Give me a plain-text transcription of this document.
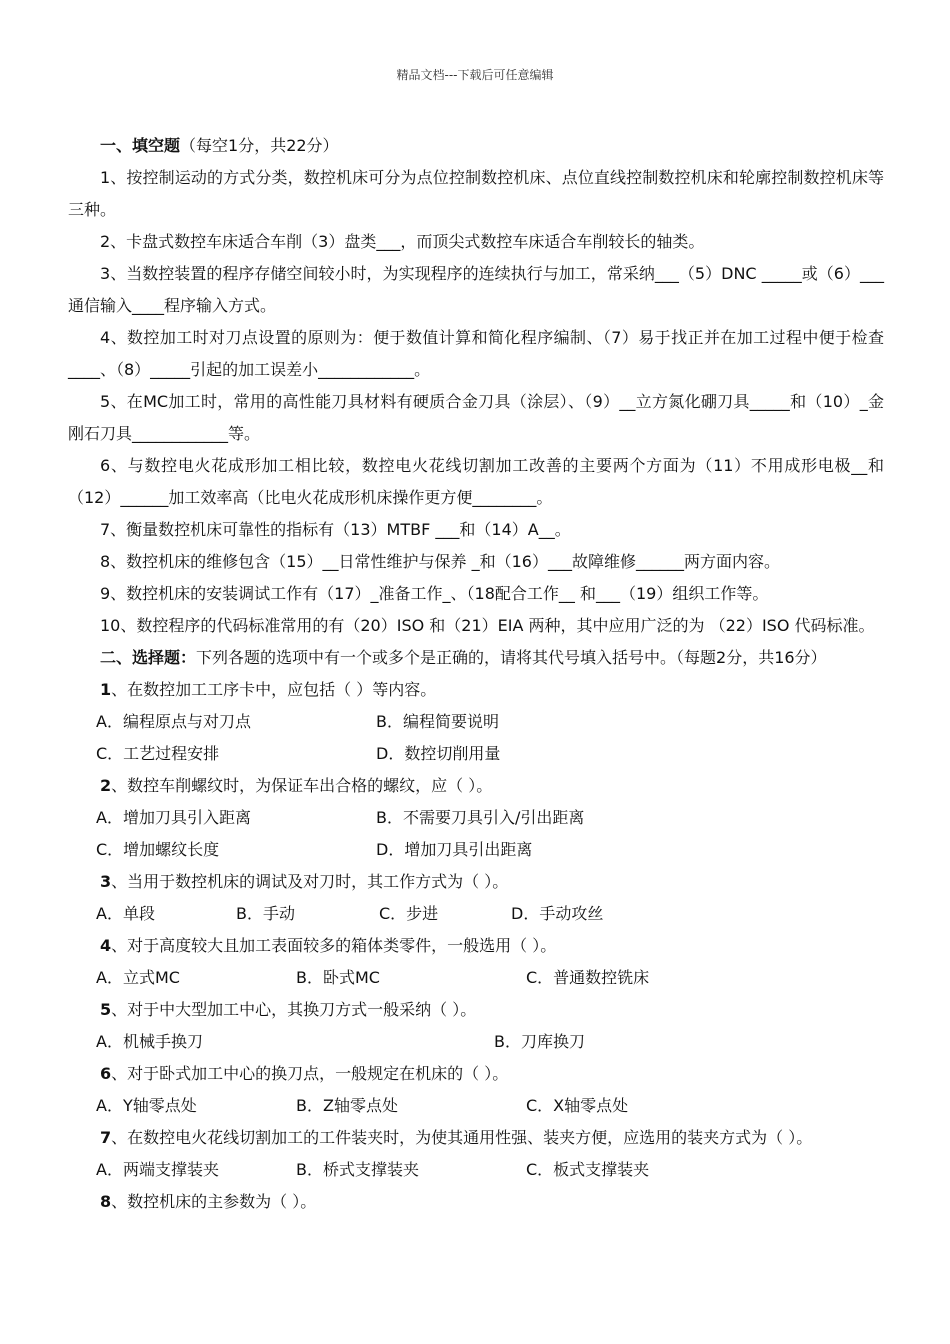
精品文档---下载后可任意编辑

一、填空题（每空1分，共22分）

1、按控制运动的方式分类，数控机床可分为点位控制数控机床、点位直线控制数控机床和轮廓控制数控机床等三种。

2、卡盘式数控车床适合车削（3）盘类___，而顶尖式数控车床适合车削较长的轴类。

3、当数控装置的程序存储空间较小时，为实现程序的连续执行与加工，常采纳___（5）DNC _____或（6）___通信输入____程序输入方式。

4、数控加工时对刀点设置的原则为：便于数值计算和简化程序编制、（7）易于找正并在加工过程中便于检查____、（8）_____引起的加工误差小____________。

5、在MC加工时，常用的高性能刀具材料有硬质合金刀具（涂层）、（9）__立方氮化硼刀具_____和（10）_金刚石刀具____________等。

6、与数控电火花成形加工相比较，数控电火花线切割加工改善的主要两个方面为（11）不用成形电极__和（12）______加工效率高（比电火花成形机床操作更方便________。

7、衡量数控机床可靠性的指标有（13）MTBF ___和（14）A__。

8、数控机床的维修包含（15）__日常性维护与保养 _和（16）___故障维修______两方面内容。

9、数控机床的安装调试工作有（17）_准备工作_、（18配合工作__ 和___（19）组织工作等。

10、数控程序的代码标准常用的有（20）ISO 和（21）EIA 两种，其中应用广泛的为 （22）ISO 代码标准。

二、选择题：下列各题的选项中有一个或多个是正确的，请将其代号填入括号中。（每题2分，共16分）

1、在数控加工工序卡中，应包括（ ）等内容。

A．编程原点与对刀点	B．编程简要说明
C．工艺过程安排	D．数控切削用量

2、数控车削螺纹时，为保证车出合格的螺纹，应（ ）。

A．增加刀具引入距离	B．不需要刀具引入/引出距离
C．增加螺纹长度	D．增加刀具引出距离

3、当用于数控机床的调试及对刀时，其工作方式为（ ）。

A．单段	B．手动	C．步进	D．手动攻丝

4、对于高度较大且加工表面较多的箱体类零件，一般选用（ ）。

A．立式MC	B．卧式MC	C．普通数控铣床

5、对于中大型加工中心，其换刀方式一般采纳（ ）。

A．机械手换刀	B．刀库换刀

6、对于卧式加工中心的换刀点，一般规定在机床的（ ）。

A．Y轴零点处	B．Z轴零点处	C．X轴零点处

7、在数控电火花线切割加工的工件装夹时，为使其通用性强、装夹方便，应选用的装夹方式为（ ）。

A．两端支撑装夹	B．桥式支撑装夹	C．板式支撑装夹

8、数控机床的主参数为（ ）。
